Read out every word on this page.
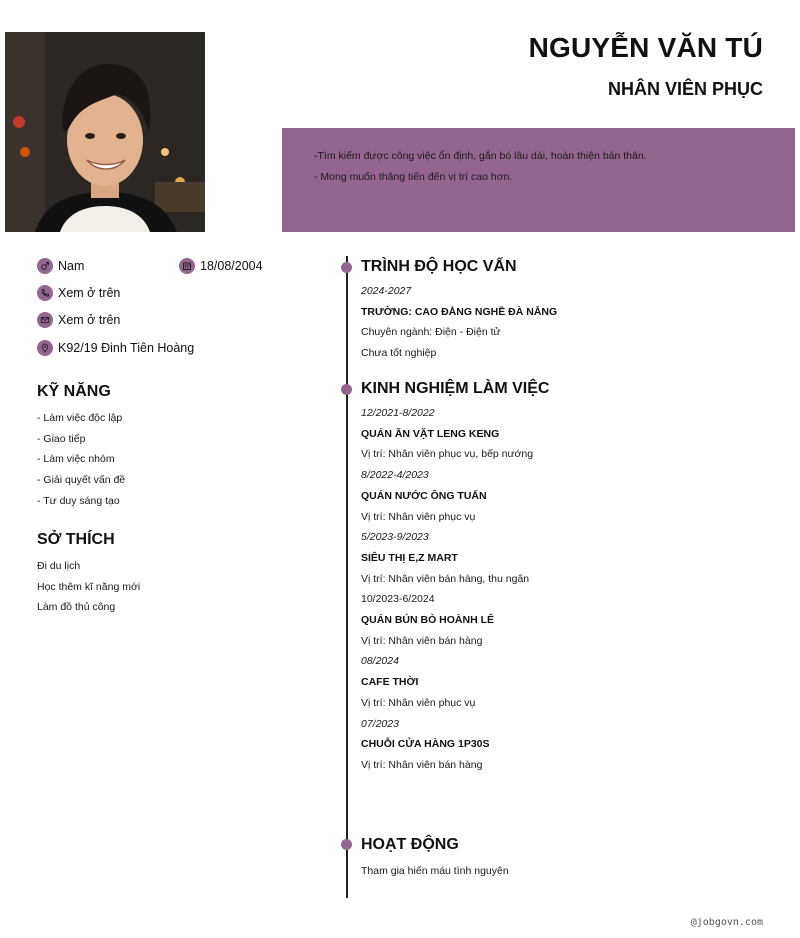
NGUYỄN VĂN TÚ
NHÂN VIÊN PHỤC

-Tìm kiếm được công việc ổn định, gắn bó lâu dài, hoàn thiện bản thân.

- Mong muốn thăng tiến đến vị trí cao hơn.

Nam	18/08/2004
Xem ở trên
Xem ở trên
K92/19 Đinh Tiên Hoàng
KỸ NĂNG
- Làm việc độc lập
- Giao tiếp
- Làm việc nhóm
- Giải quyết vấn đề
- Tư duy sáng tạo
SỞ THÍCH
Đi du lịch
Học thêm kĩ năng mới
Làm đồ thủ công
TRÌNH ĐỘ HỌC VẤN
2024-2027
TRƯỜNG: CAO ĐẲNG NGHỀ ĐÀ NẴNG
Chuyên ngành: Điện - Điện tử
Chưa tốt nghiệp
KINH NGHIỆM LÀM VIỆC
12/2021-8/2022
QUÁN ĂN VẶT LENG KENG
Vị trí: Nhân viên phục vụ, bếp nướng
8/2022-4/2023
QUÁN NƯỚC ÔNG TUẤN
Vị trí: Nhân viên phục vụ
5/2023-9/2023
SIÊU THỊ E,Z MART
Vị trí: Nhân viên bán hàng, thu ngân
10/2023-6/2024
QUÁN BÚN BÒ HOÀNH LÊ
Vị trí: Nhân viên bán hàng
08/2024
CAFE THỜI
Vị trí: Nhân viên phục vụ
07/2023
CHUỖI CỬA HÀNG 1P30S
Vị trí: Nhân viên bán hàng
HOẠT ĐỘNG
Tham gia hiến máu tình nguyện
@jobgovn.com
